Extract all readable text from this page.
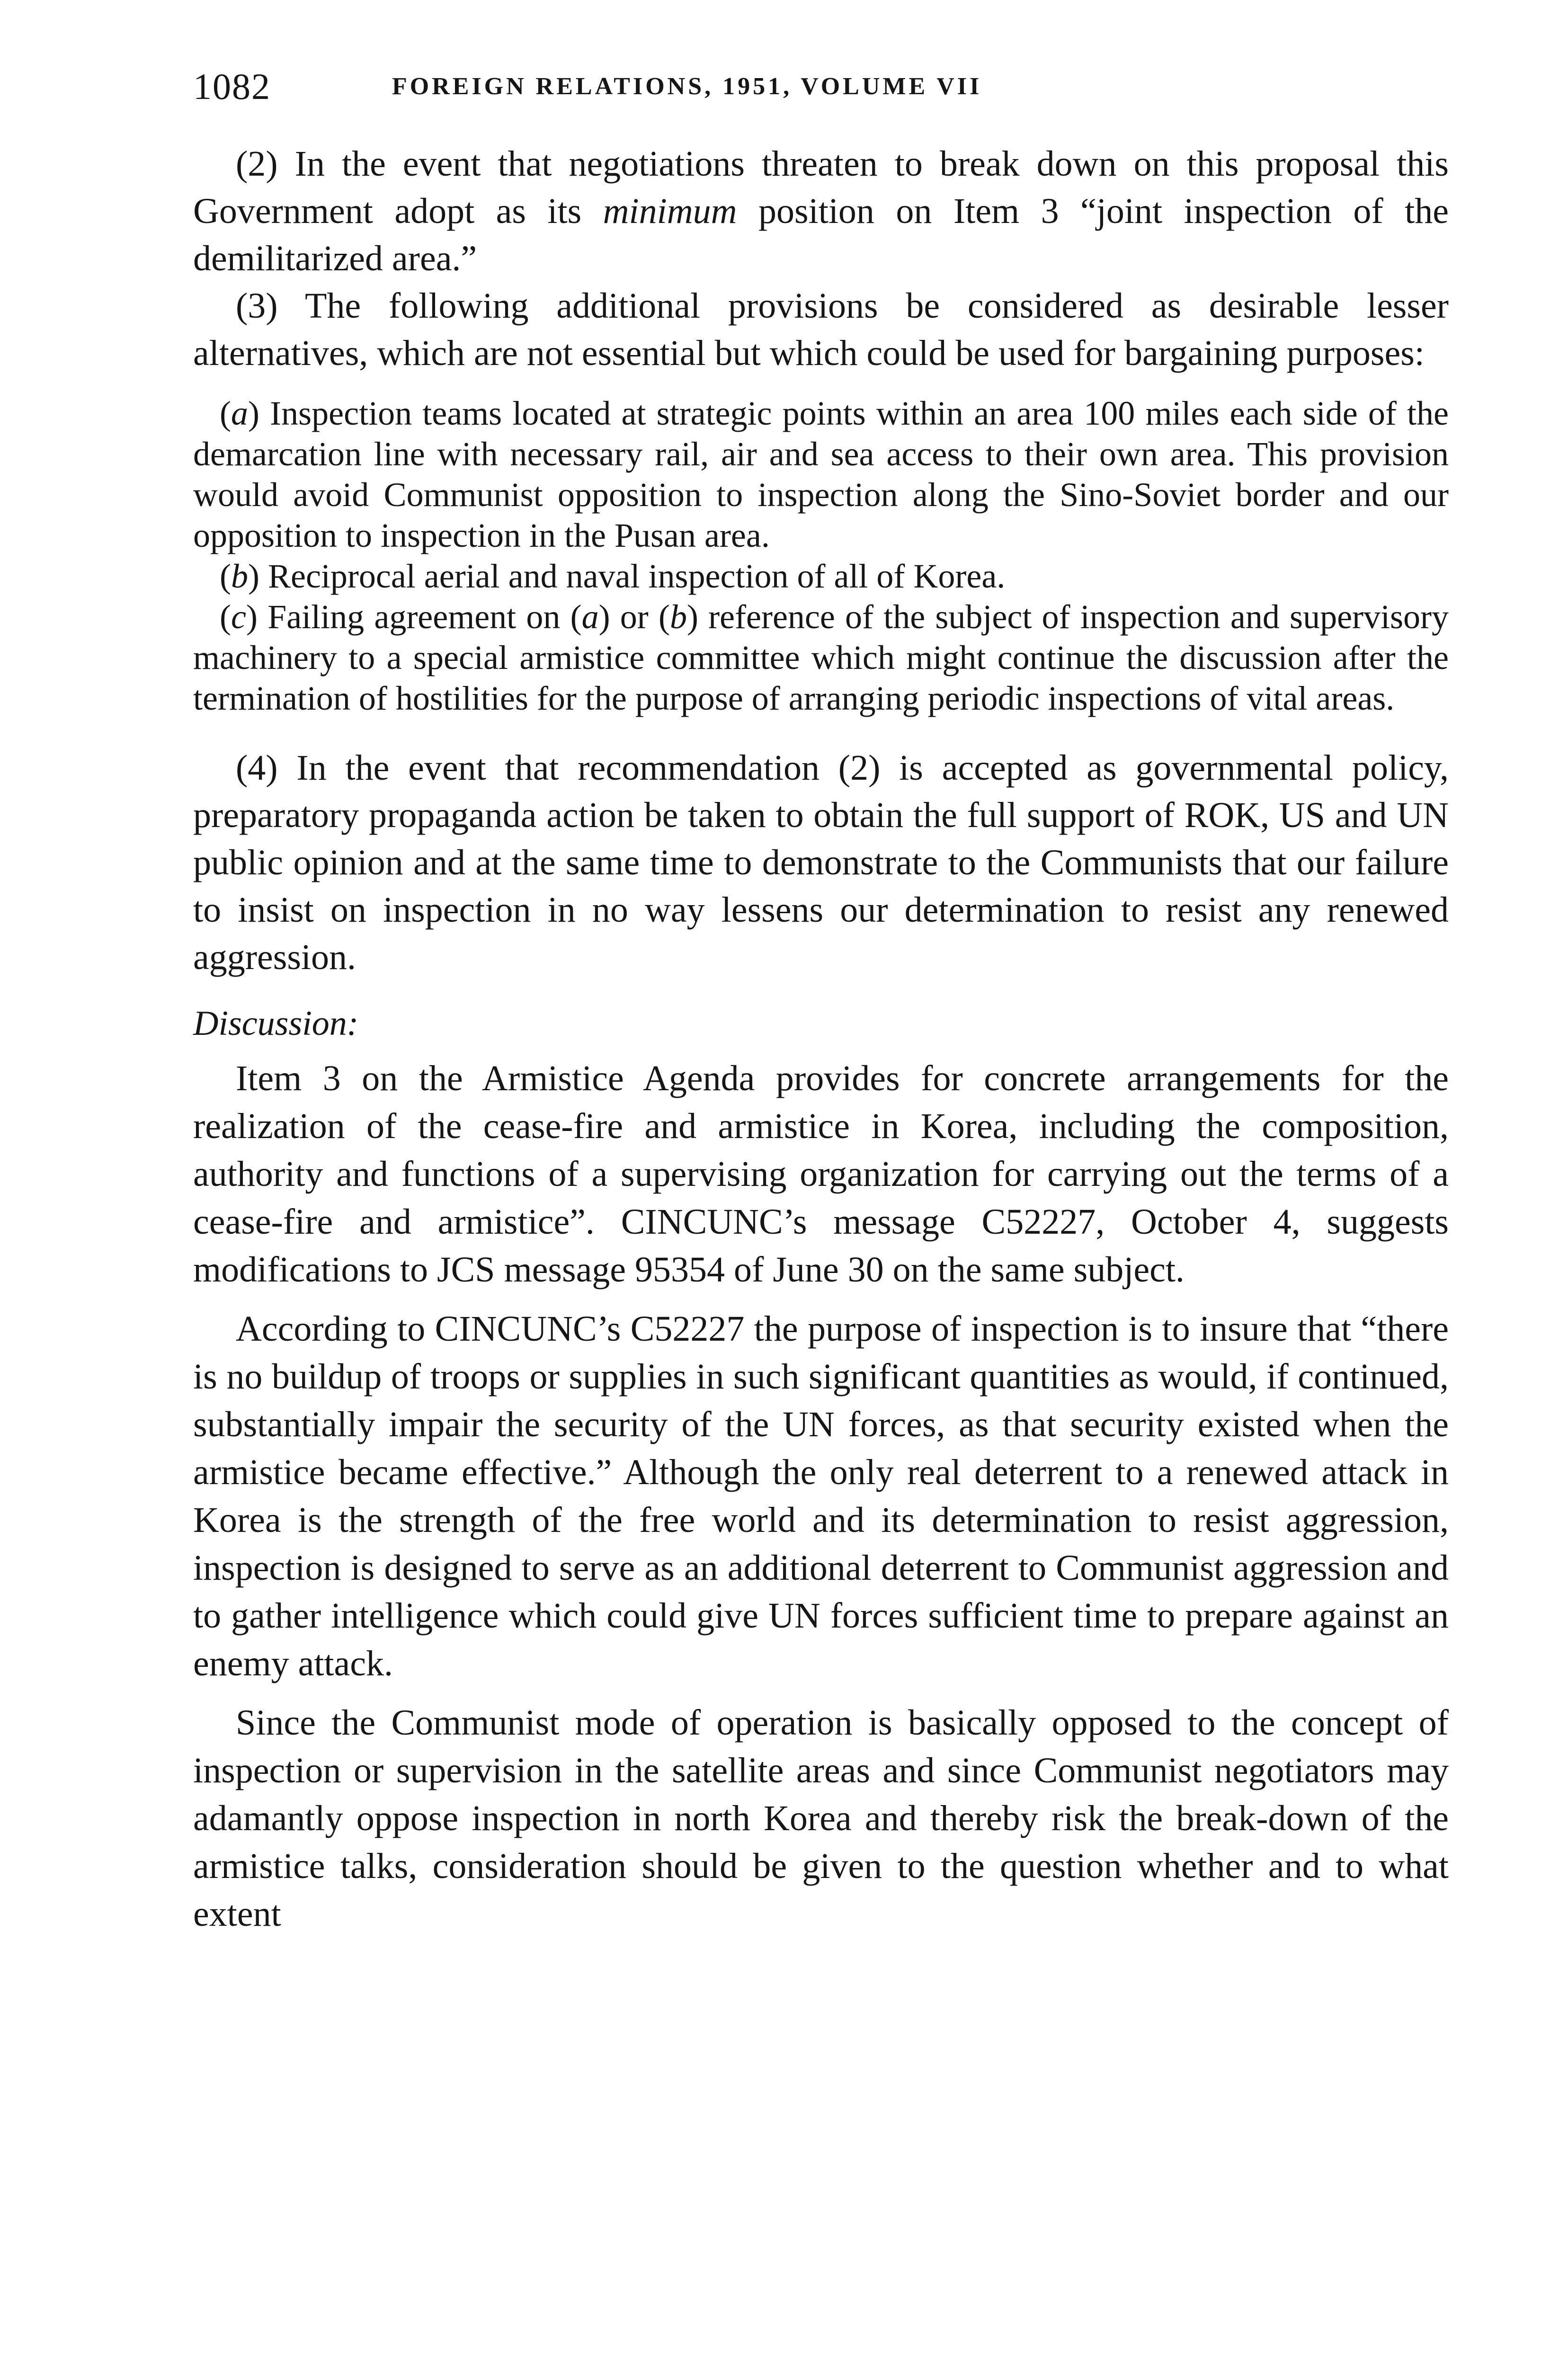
1082	FOREIGN RELATIONS, 1951, VOLUME VII

(2) In the event that negotiations threaten to break down on this proposal this Government adopt as its minimum position on Item 3 “joint inspection of the demilitarized area.”

(3) The following additional provisions be considered as desirable lesser alternatives, which are not essential but which could be used for bargaining purposes:

(a) Inspection teams located at strategic points within an area 100 miles each side of the demarcation line with necessary rail, air and sea access to their own area. This provision would avoid Communist opposition to inspection along the Sino-Soviet border and our opposition to inspection in the Pusan area.

(b) Reciprocal aerial and naval inspection of all of Korea.

(c) Failing agreement on (a) or (b) reference of the subject of inspection and supervisory machinery to a special armistice committee which might continue the discussion after the termination of hostilities for the purpose of arranging periodic inspections of vital areas.

(4) In the event that recommendation (2) is accepted as governmental policy, preparatory propaganda action be taken to obtain the full support of ROK, US and UN public opinion and at the same time to demonstrate to the Communists that our failure to insist on inspection in no way lessens our determination to resist any renewed aggression.

Discussion:

Item 3 on the Armistice Agenda provides for concrete arrangements for the realization of the cease-fire and armistice in Korea, including the composition, authority and functions of a supervising organization for carrying out the terms of a cease-fire and armistice”. CINCUNC’s message C52227, October 4, suggests modifications to JCS message 95354 of June 30 on the same subject.

According to CINCUNC’s C52227 the purpose of inspection is to insure that “there is no buildup of troops or supplies in such significant quantities as would, if continued, substantially impair the security of the UN forces, as that security existed when the armistice became effective.” Although the only real deterrent to a renewed attack in Korea is the strength of the free world and its determination to resist aggression, inspection is designed to serve as an additional deterrent to Communist aggression and to gather intelligence which could give UN forces sufficient time to prepare against an enemy attack.

Since the Communist mode of operation is basically opposed to the concept of inspection or supervision in the satellite areas and since Communist negotiators may adamantly oppose inspection in north Korea and thereby risk the break-down of the armistice talks, consideration should be given to the question whether and to what extent
